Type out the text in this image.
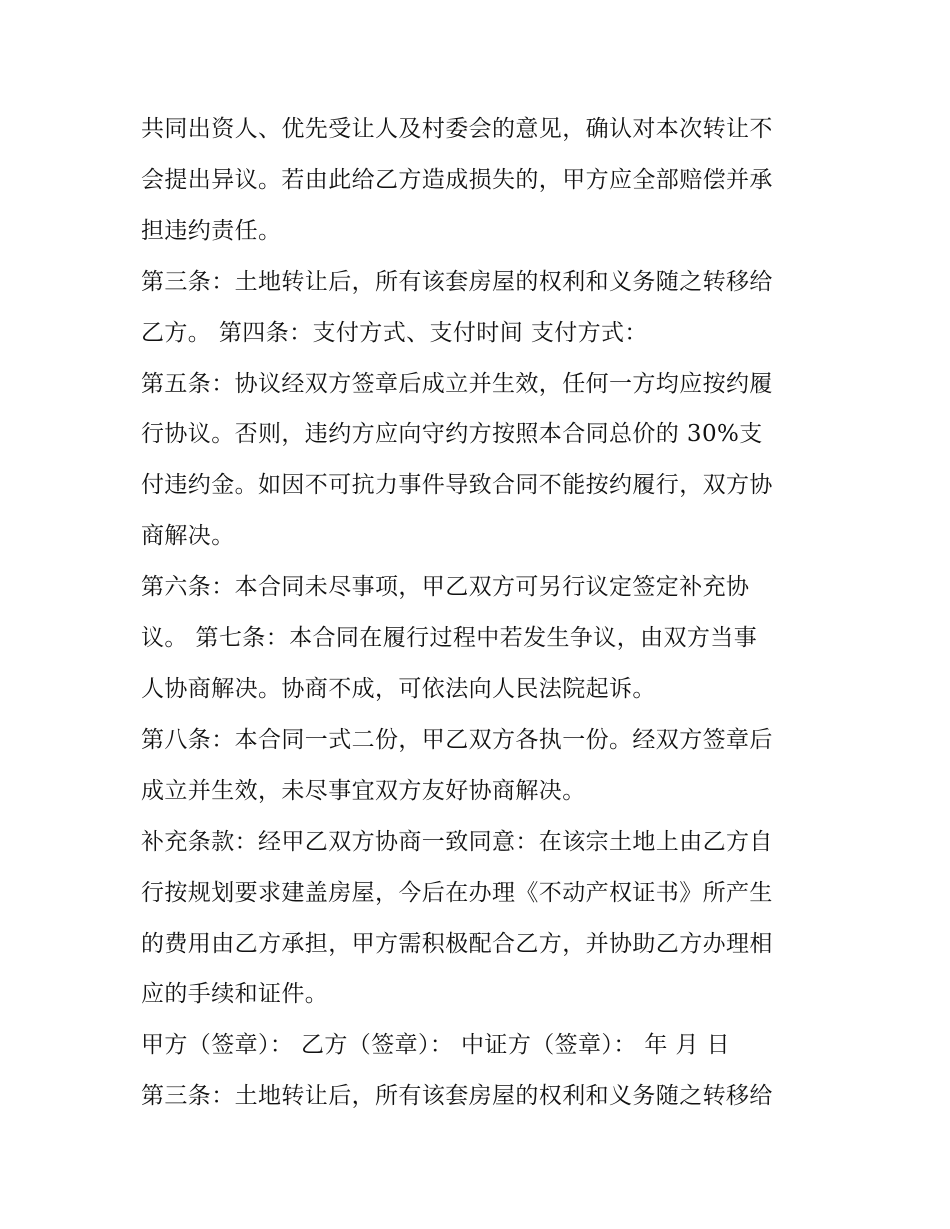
共同出资人、优先受让人及村委会的意见，确认对本次转让不
会提出异议。若由此给乙方造成损失的，甲方应全部赔偿并承
担违约责任。
第三条：土地转让后，所有该套房屋的权利和义务随之转移给
乙方。 第四条：支付方式、支付时间 支付方式：
第五条：协议经双方签章后成立并生效，任何一方均应按约履
行协议。否则，违约方应向守约方按照本合同总价的 30%支
付违约金。如因不可抗力事件导致合同不能按约履行，双方协
商解决。
第六条：本合同未尽事项，甲乙双方可另行议定签定补充协
议。 第七条：本合同在履行过程中若发生争议，由双方当事
人协商解决。协商不成，可依法向人民法院起诉。
第八条：本合同一式二份，甲乙双方各执一份。经双方签章后
成立并生效，未尽事宜双方友好协商解决。
补充条款：经甲乙双方协商一致同意：在该宗土地上由乙方自
行按规划要求建盖房屋，今后在办理《不动产权证书》所产生
的费用由乙方承担，甲方需积极配合乙方，并协助乙方办理相
应的手续和证件。
甲方（签章）： 乙方（签章）： 中证方（签章）： 年 月 日
第三条：土地转让后，所有该套房屋的权利和义务随之转移给
